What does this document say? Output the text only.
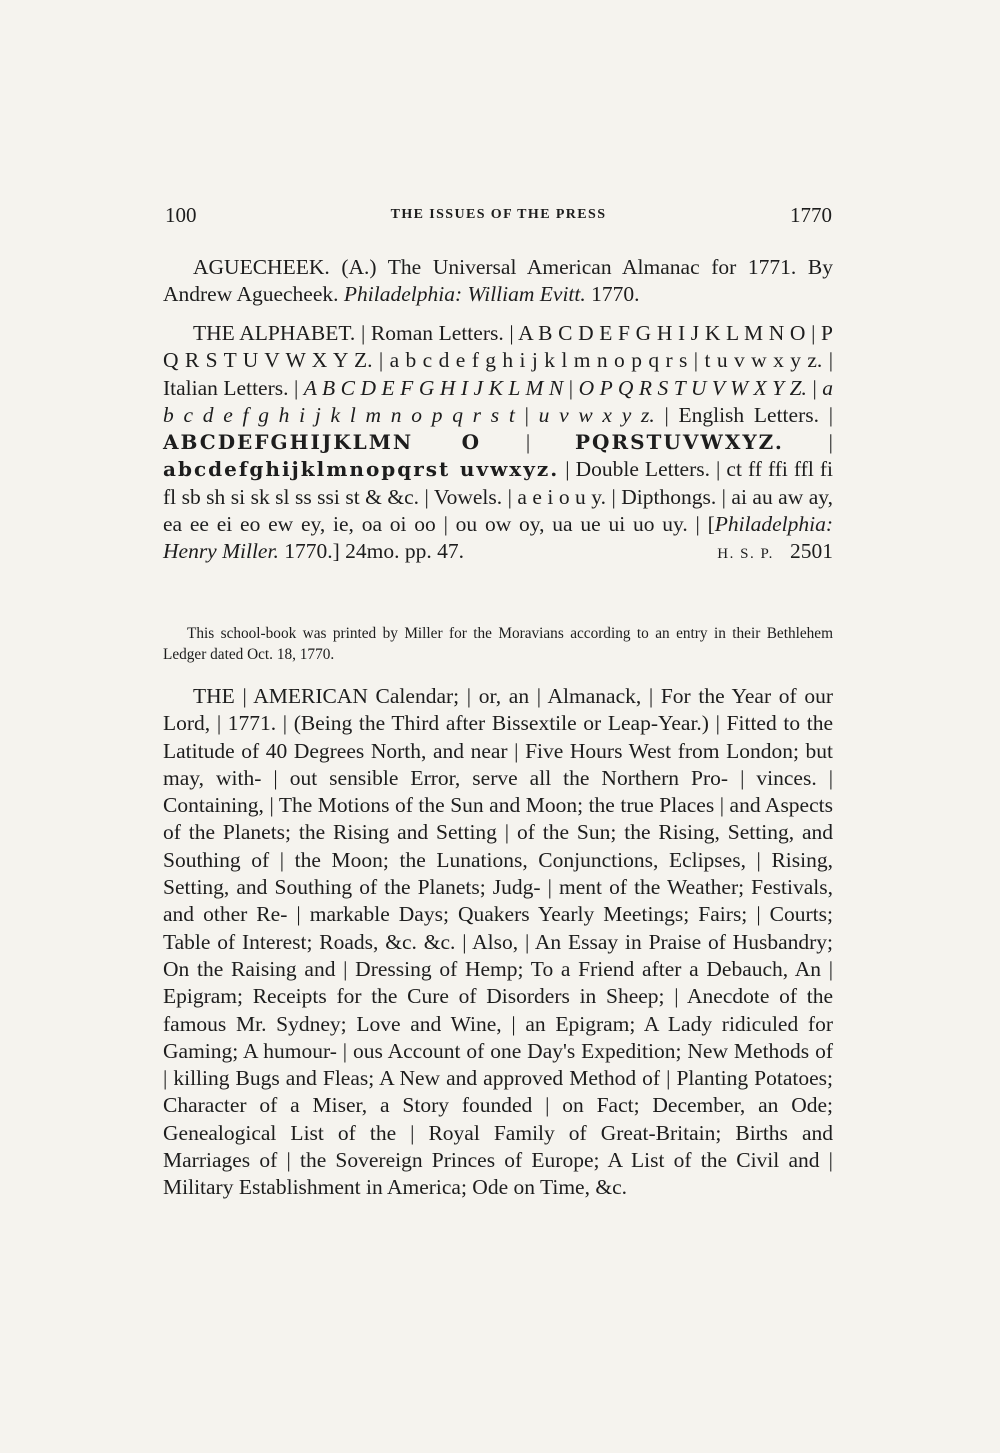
100	THE ISSUES OF THE PRESS	1770

AGUECHEEK. (A.) The Universal American Almanac for 1771. By Andrew Aguecheek. Philadelphia: William Evitt. 1770.

THE ALPHABET. | Roman Letters. | A B C D E F G H I J K L M N O | P Q R S T U V W X Y Z. | a b c d e f g h i j k l m n o p q r s | t u v w x y z. | Italian Letters. | A B C D E F G H I J K L M N | O P Q R S T U V W X Y Z. | a b c d e f g h i j k l m n o p q r s t | u v w x y z. | English Letters. | ABCDEFGHIJKLMN O | PQRSTUVWXYZ. | abcdefghijklmnopqrst uvwxyz. | Double Letters. | ct ff ffi ffl fi fl sb sh si sk sl ss ssi st & &c. | Vowels. | a e i o u y. | Dipthongs. | ai au aw ay, ea ee ei eo ew ey, ie, oa oi oo | ou ow oy, ua ue ui uo uy. | [Philadelphia: Henry Miller. 1770.] 24mo. pp. 47.	H. S. P. 2501

This school-book was printed by Miller for the Moravians according to an entry in their Bethlehem Ledger dated Oct. 18, 1770.

THE | AMERICAN Calendar; | or, an | Almanack, | For the Year of our Lord, | 1771. | (Being the Third after Bissextile or Leap-Year.) | Fitted to the Latitude of 40 Degrees North, and near | Five Hours West from London; but may, with- | out sensible Error, serve all the Northern Pro- | vinces. | Containing, | The Motions of the Sun and Moon; the true Places | and Aspects of the Planets; the Rising and Setting | of the Sun; the Rising, Setting, and Southing of | the Moon; the Lunations, Conjunctions, Eclipses, | Rising, Setting, and Southing of the Planets; Judg- | ment of the Weather; Festivals, and other Re- | markable Days; Quakers Yearly Meetings; Fairs; | Courts; Table of Interest; Roads, &c. &c. | Also, | An Essay in Praise of Husbandry; On the Raising and | Dressing of Hemp; To a Friend after a Debauch, An | Epigram; Receipts for the Cure of Disorders in Sheep; | Anecdote of the famous Mr. Sydney; Love and Wine, | an Epigram; A Lady ridiculed for Gaming; A humour- | ous Account of one Day's Expedition; New Methods of | killing Bugs and Fleas; A New and approved Method of | Planting Potatoes; Character of a Miser, a Story founded | on Fact; December, an Ode; Genealogical List of the | Royal Family of Great-Britain; Births and Marriages of | the Sovereign Princes of Europe; A List of the Civil and | Military Establishment in America; Ode on Time, &c.
